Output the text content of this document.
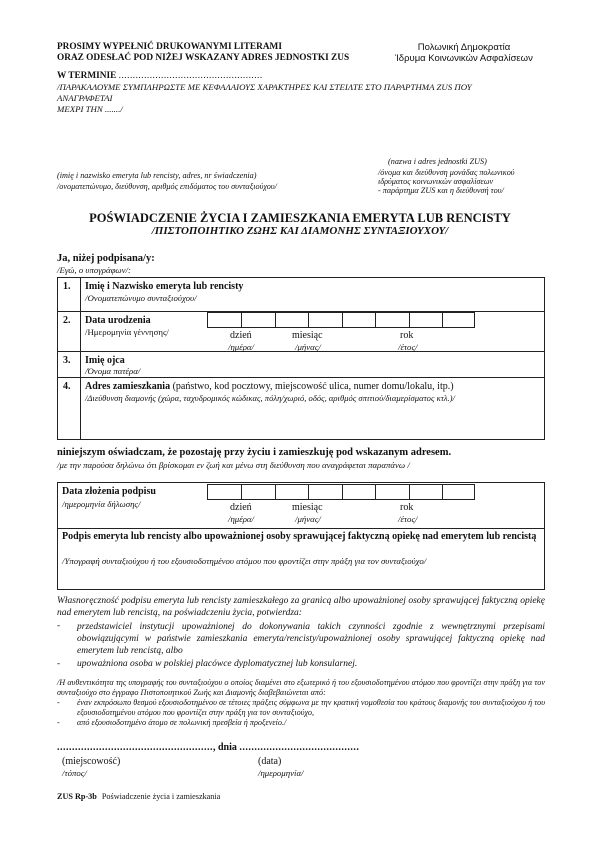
PROSIMY WYPEŁNIĆ DRUKOWANYMI LITERAMI
ORAZ ODESŁAĆ POD NIŻEJ WSKAZANY ADRES JEDNOSTKI ZUS
W TERMINIE ...................................................
/ΠΑΡΑΚΑΛΟΥΜΕ ΣΥΜΠΛΗΡΩΣΤΕ ΜΕ ΚΕΦΑΛΑΙΟΥΣ ΧΑΡΑΚΤΗΡΕΣ ΚΑΙ ΣΤΕΙΛΤΕ ΣΤΟ ΠΑΡΑΡΤΗΜΑ ZUS ΠΟΥ ΑΝΑΓΡΑΦΕΤΑΙ
ΜΕΧΡΙ ΤΗΝ ......./
Πολωνική Δημοκρατία
Ίδρυμα Κοινωνικών Ασφαλίσεων
(imię i nazwisko emeryta lub rencisty, adres, nr świadczenia)
/ονοματεπώνυμο, διεύθυνση, αριθμός επιδόματος του συνταξιούχου/
(nazwa i adres jednostki ZUS)
/όνομα και διεύθυνση μονάδας πολωνικού
ιδρύματος κοινωνικών ασφαλίσεων
- παράρτημα ZUS και η διεύθυνσή του/
POŚWIADCZENIE ŻYCIA I ZAMIESZKANIA EMERYTA LUB RENCISTY
/ΠΙΣΤΟΠΟΙΗΤΙΚΟ ΖΩΗΣ ΚΑΙ ΔΙΑΜΟΝΗΣ ΣΥΝΤΑΞΙΟΥΧΟΥ/
Ja, niżej podpisana/y:
/Εγώ, ο υπογράφων/:
1. Imię i Nazwisko emeryta lub rencisty
/Ονοματεπώνυμο συνταξιούχου/
2. Data urodzenia
/Ημερομηνία γέννησης/	dzień
/ημέρα/
miesiąc
/μήνας/
rok
/έτος/
3. Imię ojca
/Όνομα πατέρα/
4. Adres zamieszkania (państwo, kod pocztowy, miejscowość ulica, numer domu/lokalu, itp.)
/Διεύθυνση διαμονής (χώρα, ταχυδρομικός κώδικας, πόλη/χωριό, οδός, αριθμός σπιτιού/διαμερίσματος κτλ.)/
niniejszym oświadczam, że pozostaję przy życiu i zamieszkuję pod wskazanym adresem.
/με την παρούσα δηλώνω ότι βρίσκομαι εν ζωή και μένω στη διεύθυνση που αναγράφεται παραπάνω /
Data złożenia podpisu
/ημερομηνία δήλωσης/	dzień
/ημέρα/
miesiąc
/μήνας/
rok
/έτος/
Podpis emeryta lub rencisty albo upoważnionej osoby sprawującej faktyczną opiekę nad emerytem lub rencistą
/Υπογραφή συνταξιούχου ή του εξουσιοδοτημένου ατόμου που φροντίζει στην πράξη για τον συνταξιούχο/
Własnoręczność podpisu emeryta lub rencisty zamieszkałego za granicą albo upoważnionej osoby sprawującej faktyczną opiekę nad emerytem lub rencistą, na poświadczeniu życia, potwierdza:
- przedstawiciel instytucji upoważnionej do dokonywania takich czynności zgodnie z wewnętrznymi przepisami obowiązującymi w państwie zamieszkania emeryta/rencisty/upoważnionej osoby sprawującej faktyczną opiekę nad emerytem lub rencistą, albo
- upoważniona osoba w polskiej placówce dyplomatycznej lub konsularnej.
/Η αυθεντικότητα της υπογραφής του συνταξιούχου ο οποίος διαμένει στο εξωτερικό ή του εξουσιοδοτημένου ατόμου που φροντίζει στην πράξη για τον συνταξιούχο στο έγγραφο Πιστοποιητικού Ζωής και Διαμονής διαβεβαιώνεται από:
- έναν εκπρόσωπο θεσμού εξουσιοδοτημένου σε τέτοιες πράξεις σύμφωνα με την κρατική νομοθεσία του κράτους διαμονής του συνταξιούχου ή του εξουσιοδοτημένου ατόμου που φροντίζει στην πράξη για τον συνταξιούχο,
- από εξουσιοδοτημένο άτομο σε πολωνική πρεσβεία ή προξενείο./
...................................................., dnia ........................................
(miejscowość)
/τόπος/
(data)
/ημερομηνία/
ZUS Rp-3b Poświadczenie życia i zamieszkania
